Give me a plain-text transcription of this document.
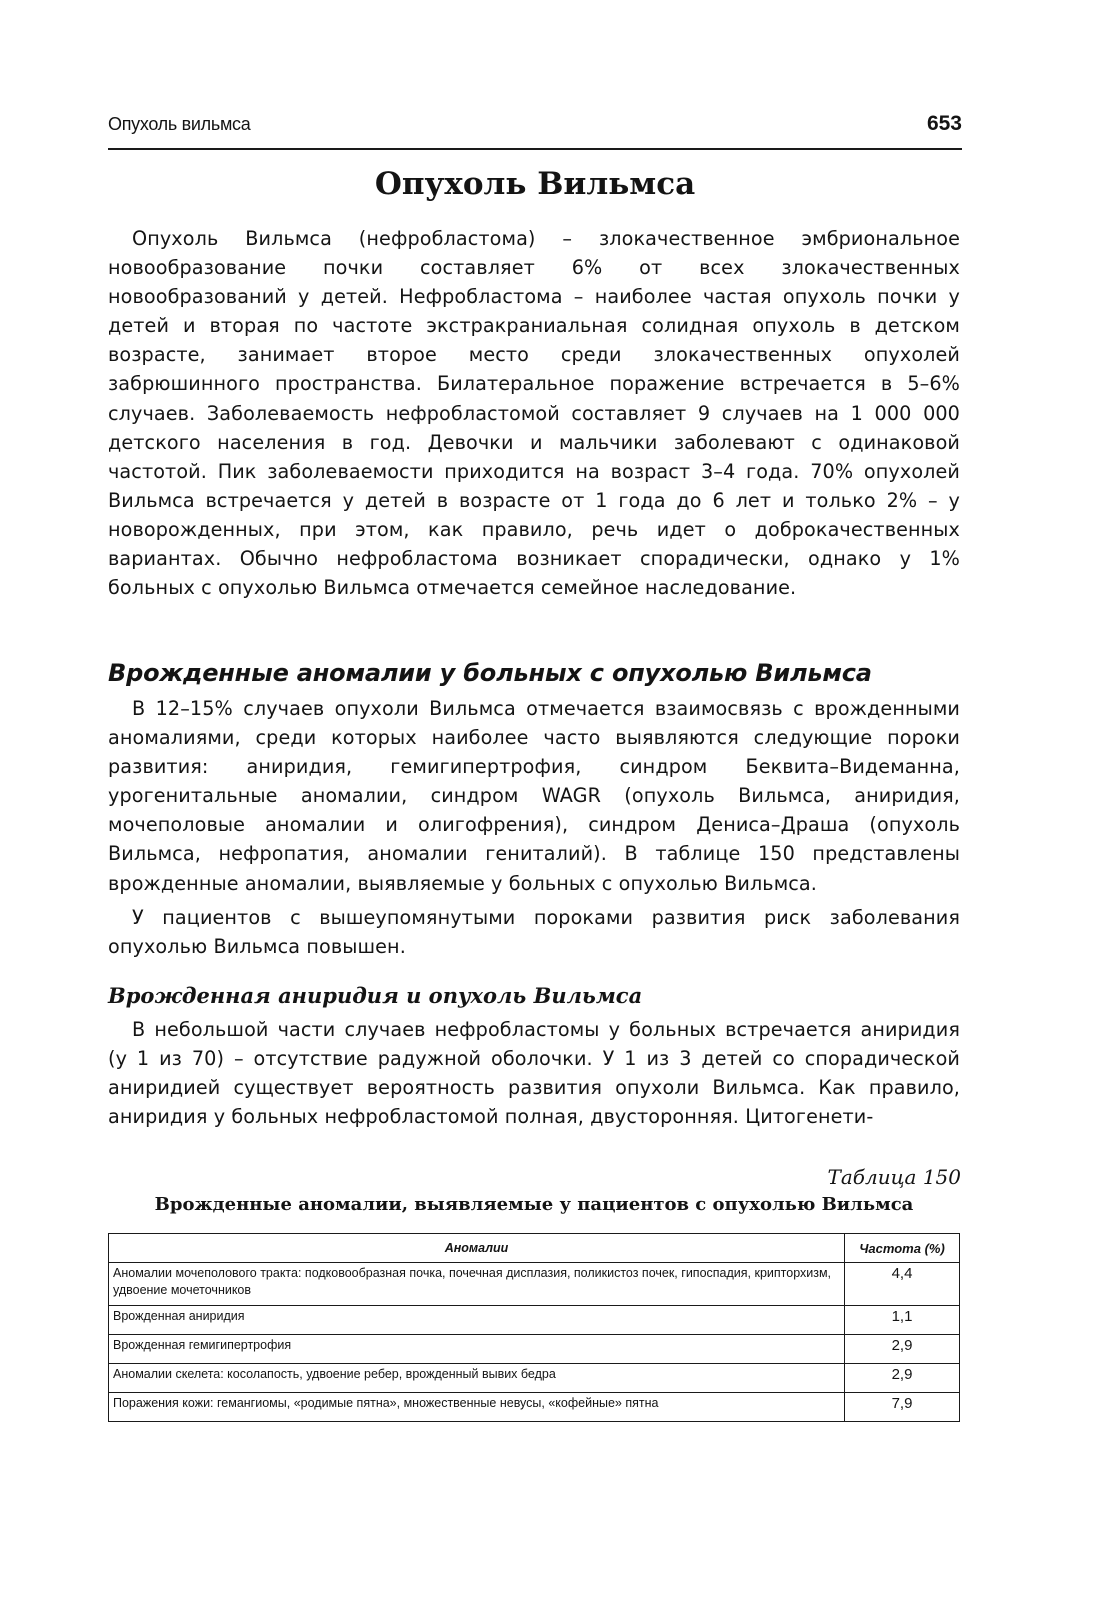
Опухоль вильмса	653
Опухоль Вильмса

Опухоль Вильмса (нефробластома) – злокачественное эмбриональное новообразование почки составляет 6% от всех злокачественных новообразований у детей. Нефробластома – наиболее частая опухоль почки у детей и вторая по частоте экстракраниальная солидная опухоль в детском возрасте, занимает второе место среди злокачественных опухолей забрюшинного пространства. Билатеральное поражение встречается в 5–6% случаев. Заболеваемость нефробластомой составляет 9 случаев на 1 000 000 детского населения в год. Девочки и мальчики заболевают с одинаковой частотой. Пик заболеваемости приходится на возраст 3–4 года. 70% опухолей Вильмса встречается у детей в возрасте от 1 года до 6 лет и только 2% – у новорожденных, при этом, как правило, речь идет о доброкачественных вариантах. Обычно нефробластома возникает спорадически, однако у 1% больных с опухолью Вильмса отмечается семейное наследование.

Врожденные аномалии у больных с опухолью Вильмса

В 12–15% случаев опухоли Вильмса отмечается взаимосвязь с врожденными аномалиями, среди которых наиболее часто выявляются следующие пороки развития: аниридия, гемигипертрофия, синдром Беквита–Видеманна, урогенитальные аномалии, синдром WAGR (опухоль Вильмса, аниридия, мочеполовые аномалии и олигофрения), синдром Дениса–Драша (опухоль Вильмса, нефропатия, аномалии гениталий). В таблице 150 представлены врожденные аномалии, выявляемые у больных с опухолью Вильмса.

У пациентов с вышеупомянутыми пороками развития риск заболевания опухолью Вильмса повышен.

Врожденная аниридия и опухоль Вильмса

В небольшой части случаев нефробластомы у больных встречается аниридия (у 1 из 70) – отсутствие радужной оболочки. У 1 из 3 детей со спорадической аниридией существует вероятность развития опухоли Вильмса. Как правило, аниридия у больных нефробластомой полная, двусторонняя. Цитогенети-

Таблица 150
Врожденные аномалии, выявляемые у пациентов с опухолью Вильмса
Аномалии	Частота (%)
Аномалии мочеполового тракта: подковообразная почка, почечная дисплазия, поликистоз почек, гипоспадия, крипторхизм, удвоение мочеточников	4,4
Врожденная аниридия	1,1
Врожденная гемигипертрофия	2,9
Аномалии скелета: косолапость, удвоение ребер, врожденный вывих бедра	2,9
Поражения кожи: гемангиомы, «родимые пятна», множественные невусы, «кофейные» пятна	7,9
